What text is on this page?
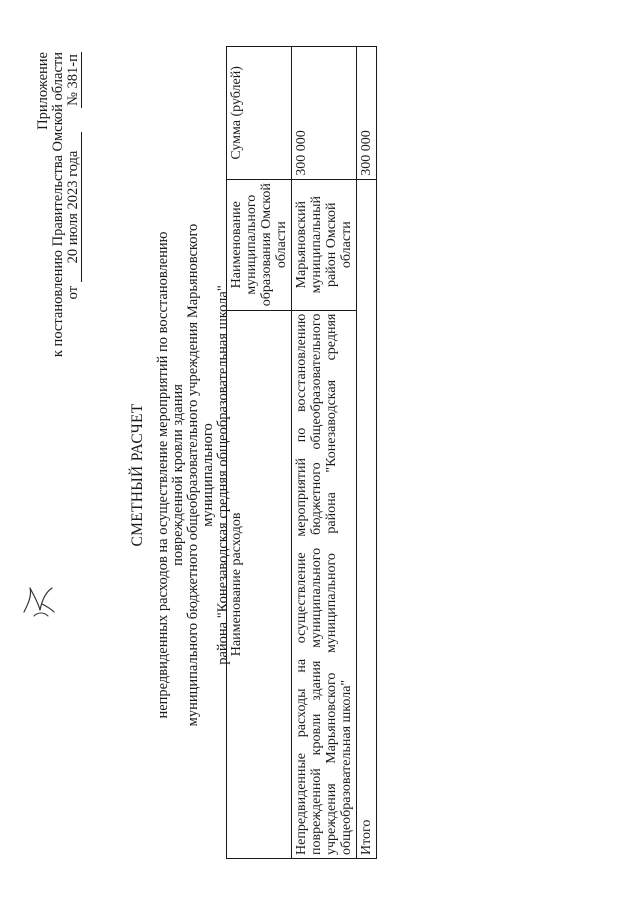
Приложение к постановлению Правительства Омской области от
20 июля 2023 года
№ 381-п
СМЕТНЫЙ РАСЧЕТ непредвиденных расходов на осуществление мероприятий по восстановлению поврежденной кровли здания муниципального бюджетного общеобразовательного учреждения Марьяновского муниципального района "Конезаводская средняя общеобразовательная школа"
Наименование расходов	Наименование муниципального образования Омской области	Сумма (рублей)
Непредвиденные расходы на осуществление мероприятий по восстановлению поврежденной кровли здания муниципального бюджетного общеобразовательного учреждения Марьяновского муниципального района "Конезаводская средняя общеобразовательная школа"	Марьяновский муниципальный район Омской области	300 000
Итого		300 000
